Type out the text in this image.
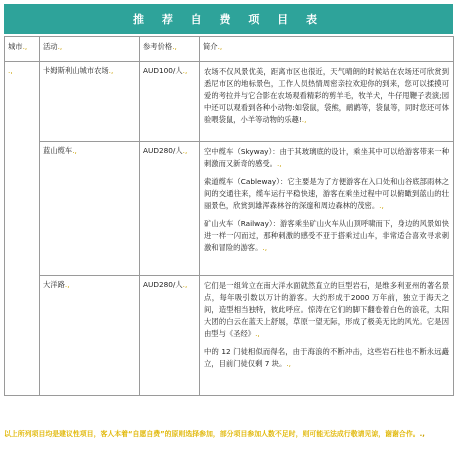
推 荐 自 费 项 目 表
城市.,	活动.,	参考价格.,	简介.,
.,	卡姆斯利山城市农场.,	AUD100/人.,	农场不仅风景优美，距离市区也很近，天气晴朗的时候站在农场还可欣赏到悉尼市区的地标景色，工作人员热情周密亲拉欢迎你的到来，您可以揉摸可爱的考拉并与它合影在农场观看精彩的剪羊毛，牧羊犬，牛仔甩鞭子表演;园中还可以观看到各种小动物:如袋鼠，袋熊，鸸鹋等，袋鼠等，同时您还可体验喂袋鼠，小羊等动物的乐趣!.,

	蓝山缆车.,	AUD280/人.,	空中缆车（Skyway）：由于其玻璃底的设计，乘坐其中可以给游客带来一种刺激而又新奇的感受。.,
索道缆车（Cableway）：它主要是为了方便游客在入口处和山谷底部雨林之间的交通往来，缆车运行平稳快速，游客在乘坐过程中可以俯瞰到蓝山的壮丽景色，欣赏到雄浑森林谷的深邃和周边森林的茂密。.,
矿山火车（Railway）：游客乘坐矿山火车从山顶呼啸而下，身边的风景如快进一样一闪而过，那种刺激的感受不亚于搭乘过山车，非常适合喜欢寻求刺激和冒险的游客。.,

	大洋路.,	AUD280/人.,	它们是一组耸立在南大洋水面就然直立的巨型岩石，是维多利亚州的著名景点，每年吸引数以万计的游客。大约形成于2000 万年前，独立于海天之间，造型相当独特，彼此呼应。惊涛在它们的脚下翻卷着白色的浪花，太阳大团的白云在蓝天上舒展，草原一望无际，形成了极美无比的风光。它是因由型与《圣经》.,
中的 12 门徒相似而得名，由于海浪的不断冲击，这些岩石柱也不断永远矗立，目前门徒仅剩 7 块。.,
以上所列项目均是建议性项目，客人本着“自愿自费”的原则选择参加，部分项目参加人数不足时，则可能无法成行敬请见谅，谢谢合作。.,
